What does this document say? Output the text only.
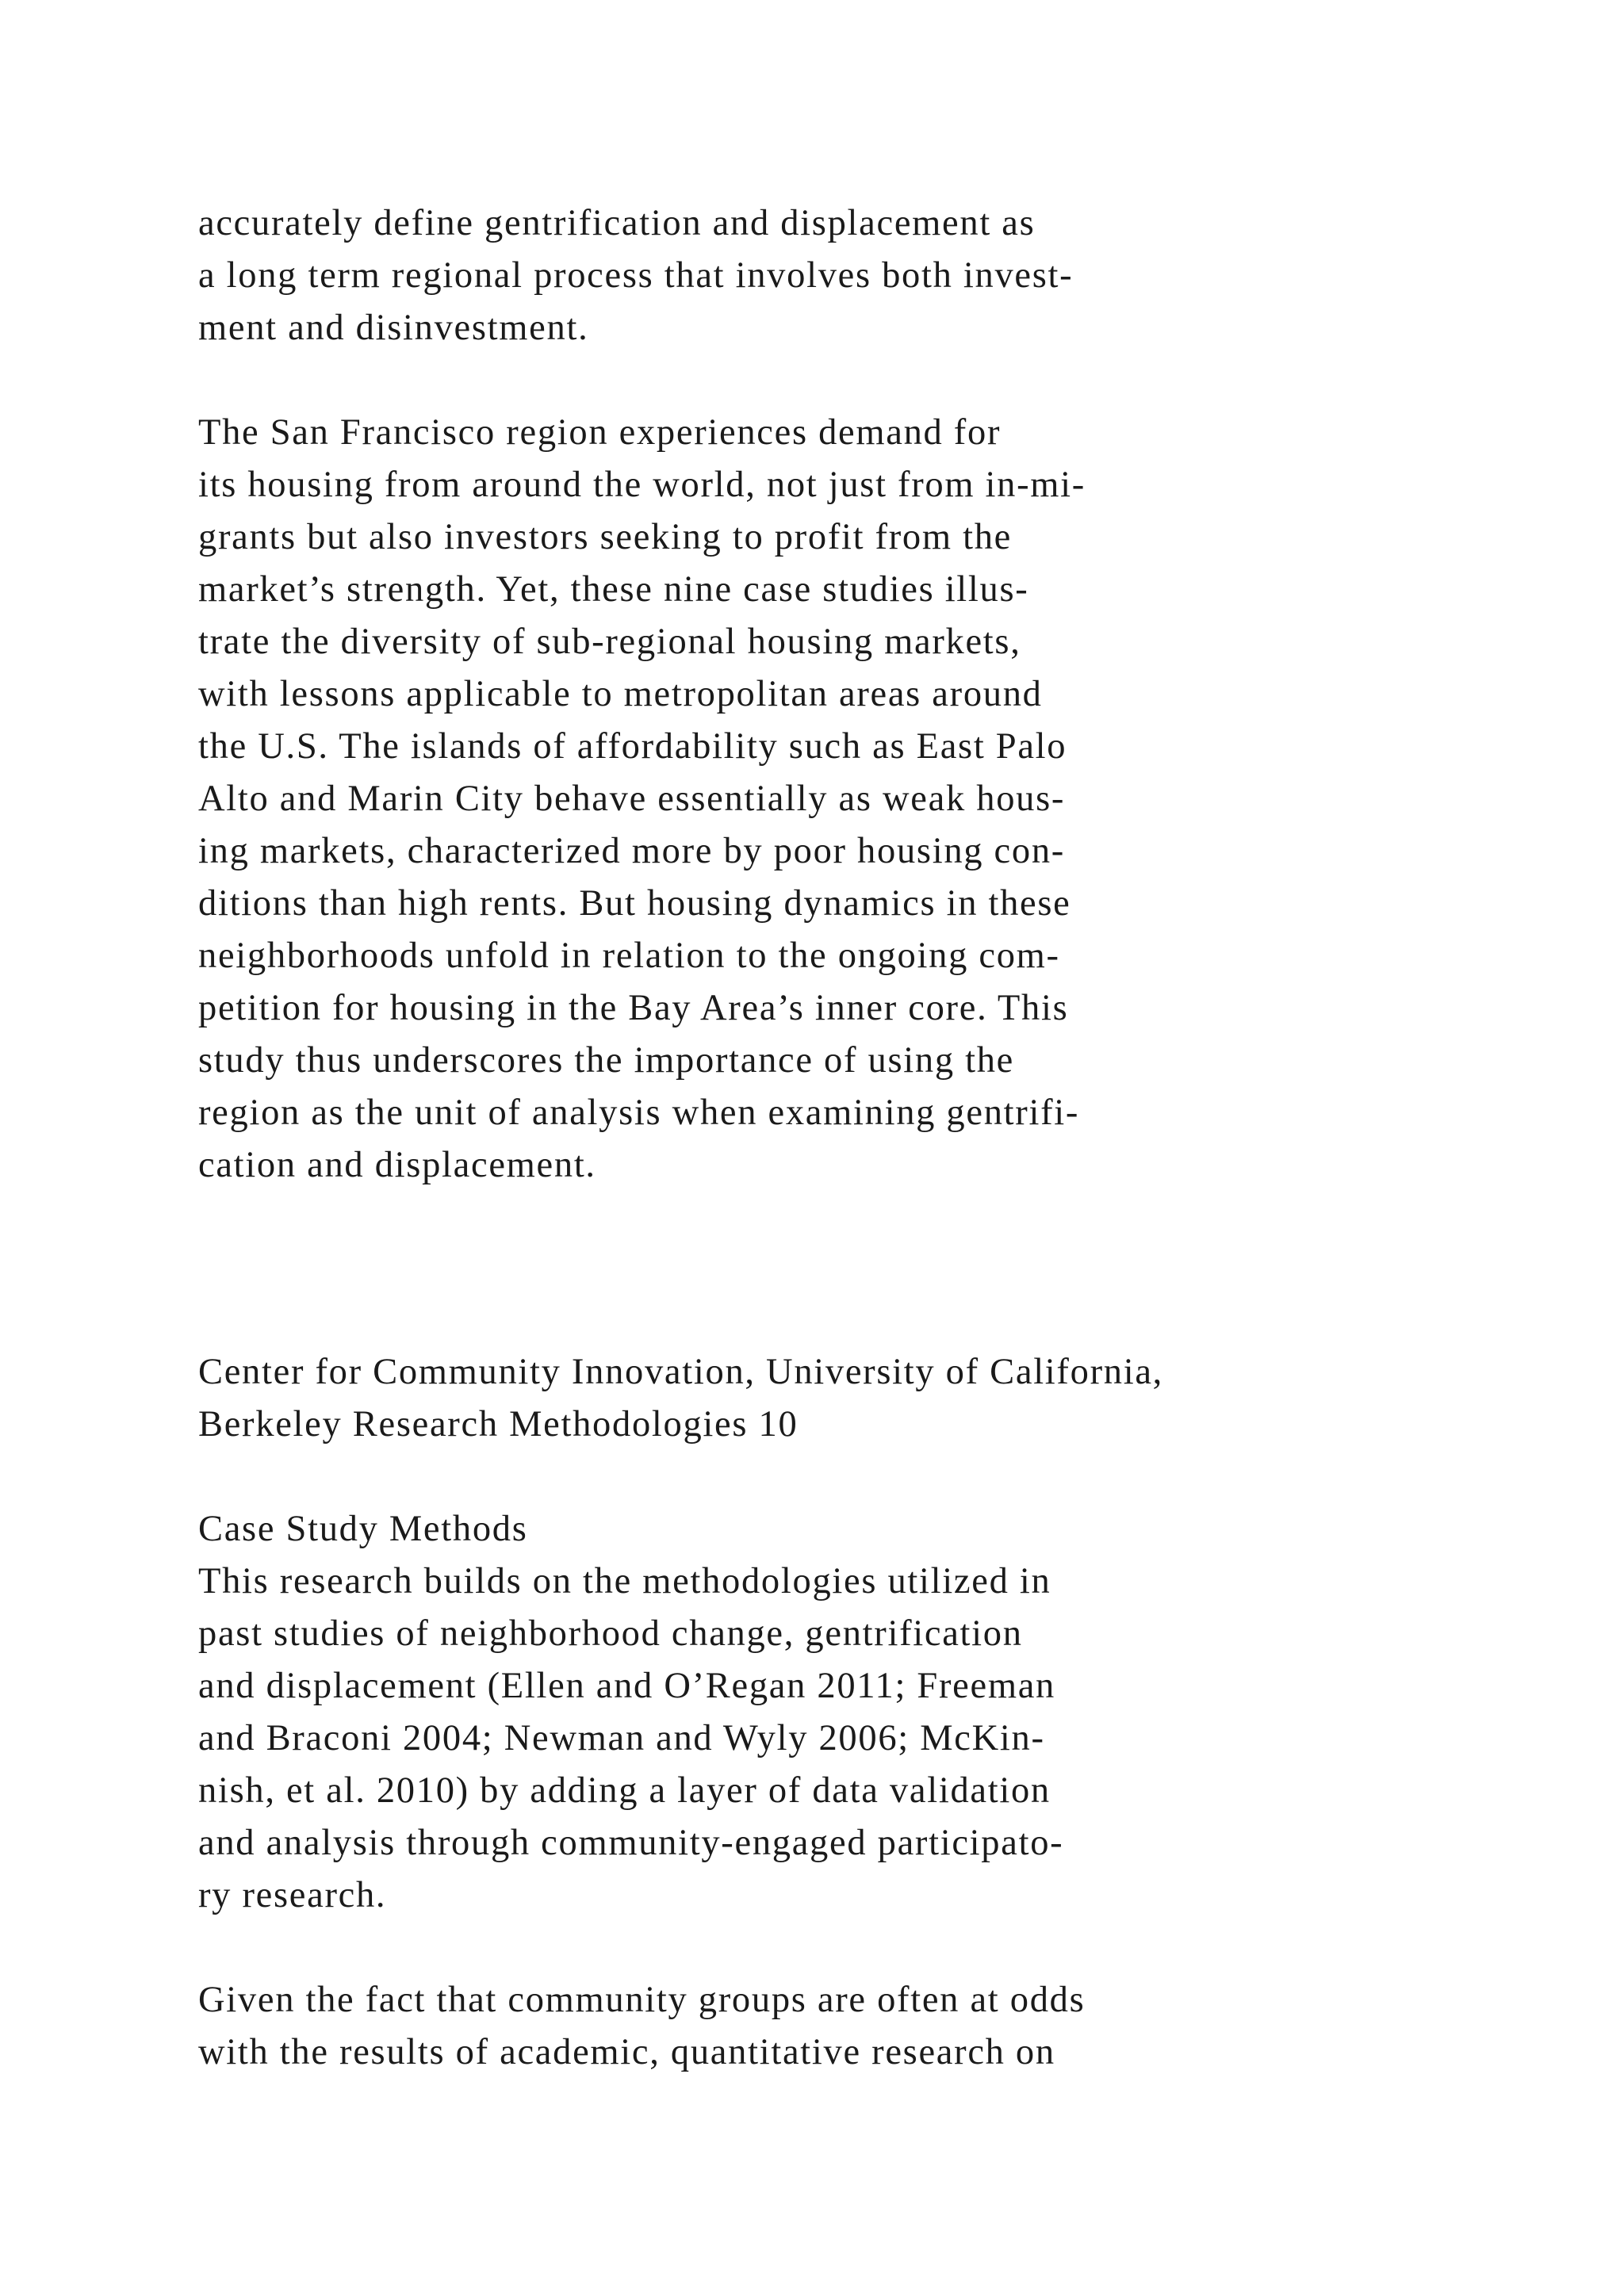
accurately define gentrification and displacement as
a long term regional process that involves both invest-
ment and disinvestment.
The San Francisco region experiences demand for
its housing from around the world, not just from in-mi-
grants but also investors seeking to profit from the
market’s strength. Yet, these nine case studies illus-
trate the diversity of sub-regional housing markets,
with lessons applicable to metropolitan areas around
the U.S. The islands of affordability such as East Palo
Alto and Marin City behave essentially as weak hous-
ing markets, characterized more by poor housing con-
ditions than high rents. But housing dynamics in these
neighborhoods unfold in relation to the ongoing com-
petition for housing in the Bay Area’s inner core. This
study thus underscores the importance of using the
region as the unit of analysis when examining gentrifi-
cation and displacement.
Center for Community Innovation, University of California,
Berkeley Research Methodologies 10
Case Study Methods
This research builds on the methodologies utilized in
past studies of neighborhood change, gentrification
and displacement (Ellen and O’Regan 2011; Freeman
and Braconi 2004; Newman and Wyly 2006; McKin-
nish, et al. 2010) by adding a layer of data validation
and analysis through community-engaged participato-
ry research.
Given the fact that community groups are often at odds
with the results of academic, quantitative research on
